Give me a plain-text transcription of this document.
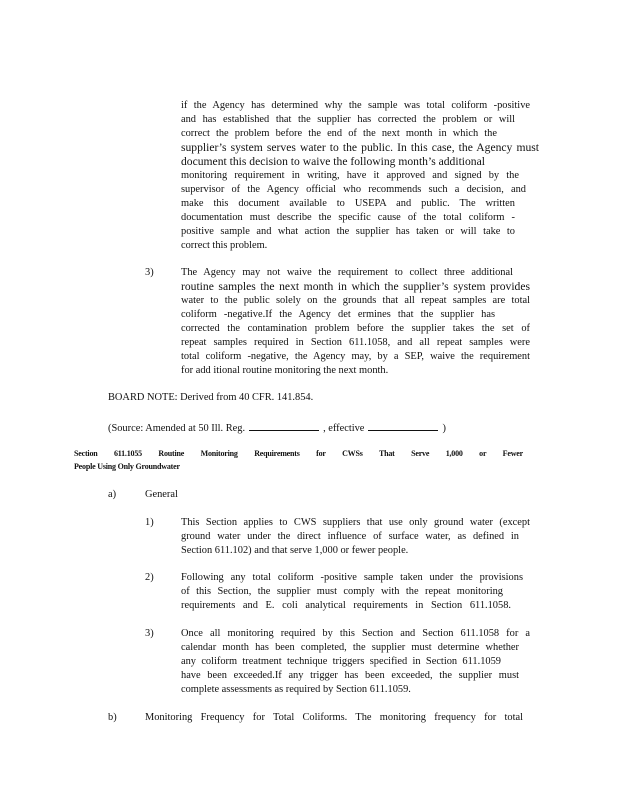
if the Agency has determined why the sample was total coliform -positive
and has established that the supplier has corrected the problem or will
correct the problem before the end of the next month in which the
supplier’s system serves water to the public. In this case, the Agency must
document this decision to waive the following month’s additional
monitoring requirement in writing, have it approved and signed by the
supervisor of the Agency official who recommends such a decision, and
make this document available to USEPA and public. The written
documentation must describe the specific cause of the total coliform -
positive sample and what action the supplier has taken or will take to
correct this problem.
3)	The Agency may not waive the requirement to collect three additional
routine samples the next month in which the supplier’s system provides
water to the public solely on the grounds that all repeat samples are total
coliform -negative.If the Agency det ermines that the supplier has
corrected the contamination problem before the supplier takes the set of
repeat samples required in Section 611.1058, and all repeat samples were
total coliform -negative, the Agency may, by a SEP, waive the requirement
for add itional routine monitoring the next month.
BOARD NOTE: Derived from 40 CFR. 141.854.
(Source: Amended at 50 Ill. Reg.	, effective	)
Section 611.1055 Routine Monitoring Requirements for CWSs That Serve 1,000 or Fewer
People Using Only Groundwater
a)	General
1)	This Section applies to CWS suppliers that use only ground water (except
ground water under the direct influence of surface water, as defined in
Section 611.102) and that serve 1,000 or fewer people.
2)	Following any total coliform -positive sample taken under the provisions
of this Section, the supplier must comply with the repeat monitoring
requirements and E. coli analytical requirements in Section 611.1058.
3)	Once all monitoring required by this Section and Section 611.1058 for a
calendar month has been completed, the supplier must determine whether
any coliform treatment technique triggers specified in Section 611.1059
have been exceeded.If any trigger has been exceeded, the supplier must
complete assessments as required by Section 611.1059.
b)	Monitoring Frequency for Total Coliforms. The monitoring frequency for total
